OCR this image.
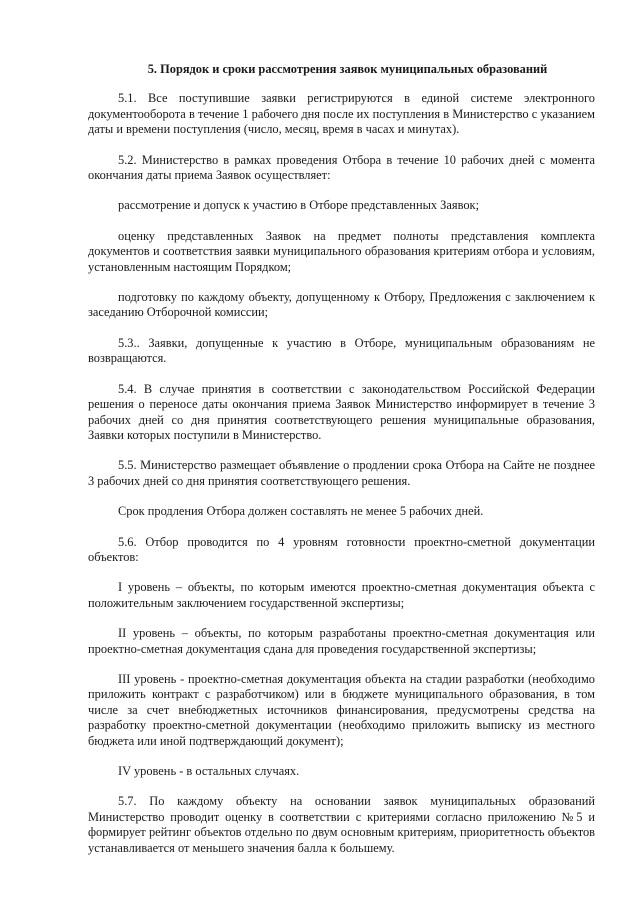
5. Порядок и сроки рассмотрения заявок муниципальных образований

5.1. Все поступившие заявки регистрируются в единой системе электронного документооборота в течение 1 рабочего дня после их поступления в Министерство с указанием даты и времени поступления (число, месяц, время в часах и минутах).

5.2. Министерство в рамках проведения Отбора в течение 10 рабочих дней с момента окончания даты приема Заявок осуществляет:

рассмотрение и допуск к участию в Отборе представленных Заявок;

оценку представленных Заявок на предмет полноты представления комплекта документов и соответствия заявки муниципального образования критериям отбора и условиям, установленным настоящим Порядком;

подготовку по каждому объекту, допущенному к Отбору, Предложения с заключением к заседанию Отборочной комиссии;

5.3.. Заявки, допущенные к участию в Отборе, муниципальным образованиям не возвращаются.

5.4. В случае принятия в соответствии с законодательством Российской Федерации решения о переносе даты окончания приема Заявок Министерство информирует в течение 3 рабочих дней со дня принятия соответствующего решения муниципальные образования, Заявки которых поступили в Министерство.

5.5. Министерство размещает объявление о продлении срока Отбора на Сайте не позднее 3 рабочих дней со дня принятия соответствующего решения.

Срок продления Отбора должен составлять не менее 5 рабочих дней.

5.6. Отбор проводится по 4 уровням готовности проектно-сметной документации объектов:

I уровень – объекты, по которым имеются проектно-сметная документация объекта с положительным заключением государственной экспертизы;

II уровень – объекты, по которым разработаны проектно-сметная документация или проектно-сметная документация сдана для проведения государственной экспертизы;

III уровень - проектно-сметная документация объекта на стадии разработки (необходимо приложить контракт с разработчиком) или в бюджете муниципального образования, в том числе за счет внебюджетных источников финансирования, предусмотрены средства на разработку проектно-сметной документации (необходимо приложить выписку из местного бюджета или иной подтверждающий документ);

IV уровень - в остальных случаях.

5.7. По каждому объекту на основании заявок муниципальных образований Министерство проводит оценку в соответствии с критериями согласно приложению №5 и формирует рейтинг объектов отдельно по двум основным критериям, приоритетность объектов устанавливается от меньшего значения балла к большему.
